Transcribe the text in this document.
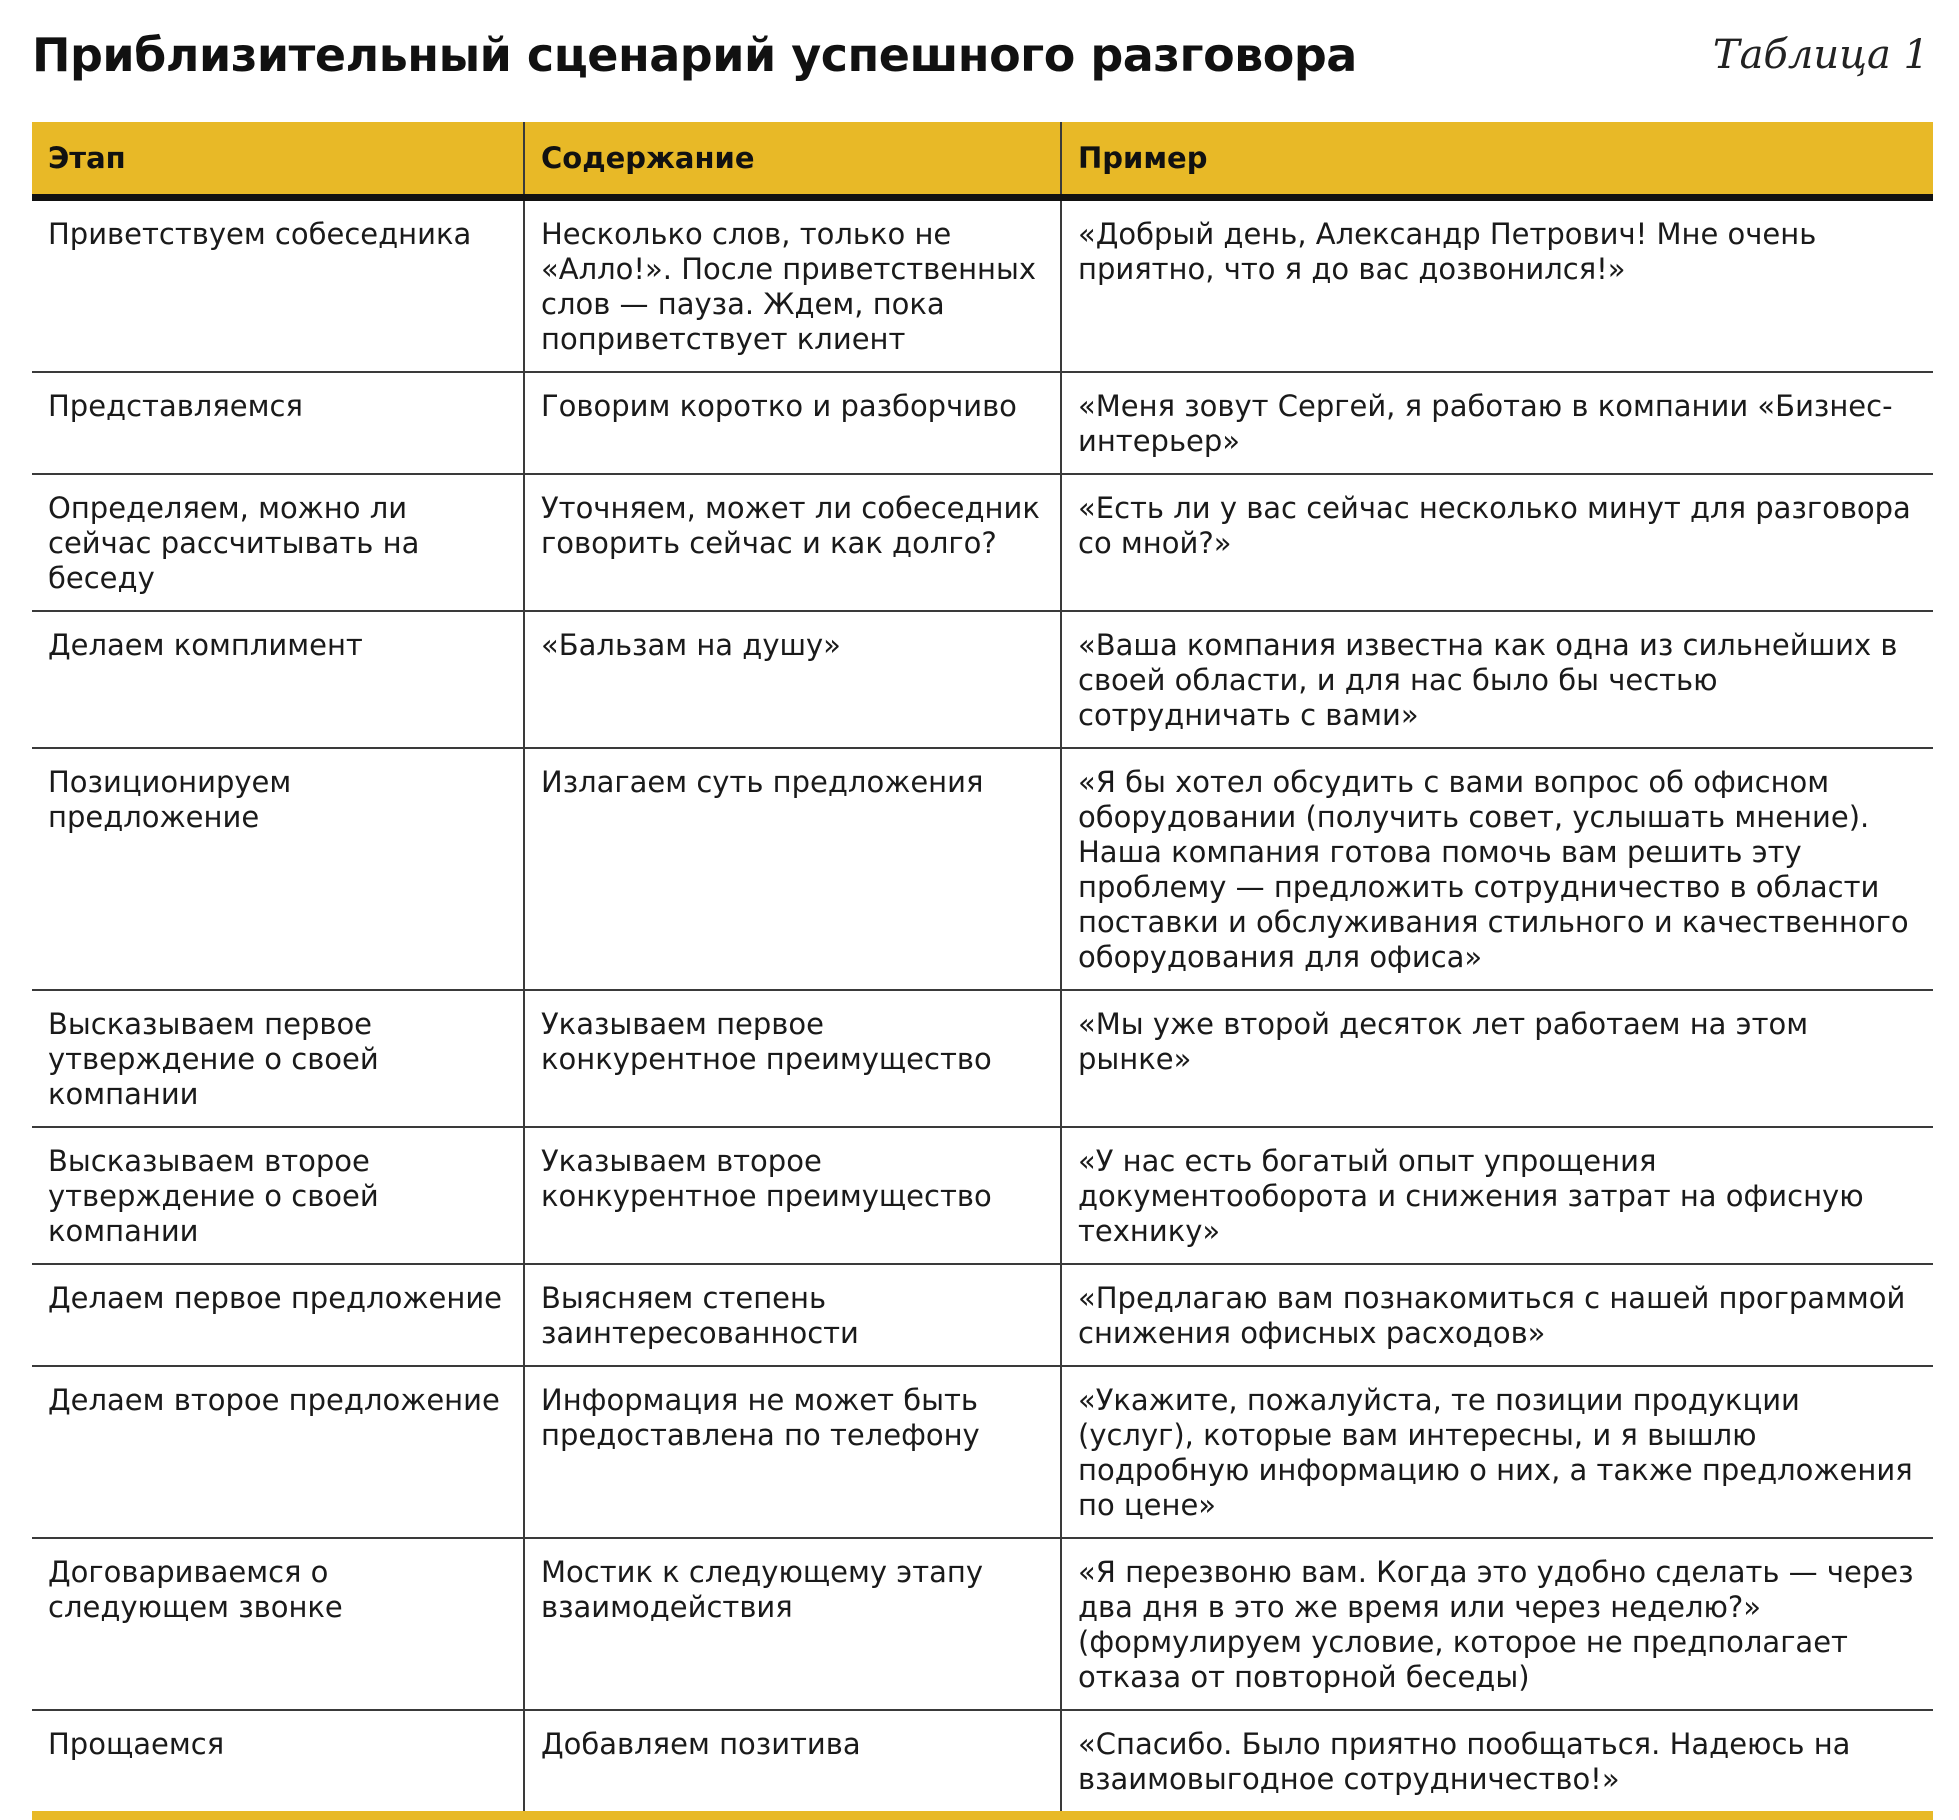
Приблизительный сценарий успешного разговора	Таблица 1
Этап	Содержание	Пример
Приветствуем собеседника	Несколько слов, только не «Алло!». После приветственных слов — пауза. Ждем, пока поприветствует клиент	«Добрый день, Александр Петрович! Мне очень приятно, что я до вас дозвонился!»
Представляемся	Говорим коротко и разборчиво	«Меня зовут Сергей, я работаю в компании «Бизнес-интерьер»
Определяем, можно ли сейчас рассчитывать на беседу	Уточняем, может ли собеседник говорить сейчас и как долго?	«Есть ли у вас сейчас несколько минут для разговора со мной?»
Делаем комплимент	«Бальзам на душу»	«Ваша компания известна как одна из сильнейших в своей области, и для нас было бы честью сотрудничать с вами»
Позиционируем предложение	Излагаем суть предложения	«Я бы хотел обсудить с вами вопрос об офисном оборудовании (получить совет, услышать мнение). Наша компания готова помочь вам решить эту проблему — предложить сотрудничество в области поставки и обслуживания стильного и качественного оборудования для офиса»
Высказываем первое утверждение о своей компании	Указываем первое конкурентное преимущество	«Мы уже второй десяток лет работаем на этом рынке»
Высказываем второе утверждение о своей компании	Указываем второе конкурентное преимущество	«У нас есть богатый опыт упрощения документооборота и снижения затрат на офисную технику»
Делаем первое предложение	Выясняем степень заинтересованности	«Предлагаю вам познакомиться с нашей программой снижения офисных расходов»
Делаем второе предложение	Информация не может быть предоставлена по телефону	«Укажите, пожалуйста, те позиции продукции (услуг), которые вам интересны, и я вышлю подробную информацию о них, а также предложения по цене»
Договариваемся о следующем звонке	Мостик к следующему этапу взаимодействия	«Я перезвоню вам. Когда это удобно сделать — через два дня в это же время или через неделю?» (формулируем условие, которое не предполагает отказа от повторной беседы)
Прощаемся	Добавляем позитива	«Спасибо. Было приятно пообщаться. Надеюсь на взаимовыгодное сотрудничество!»
